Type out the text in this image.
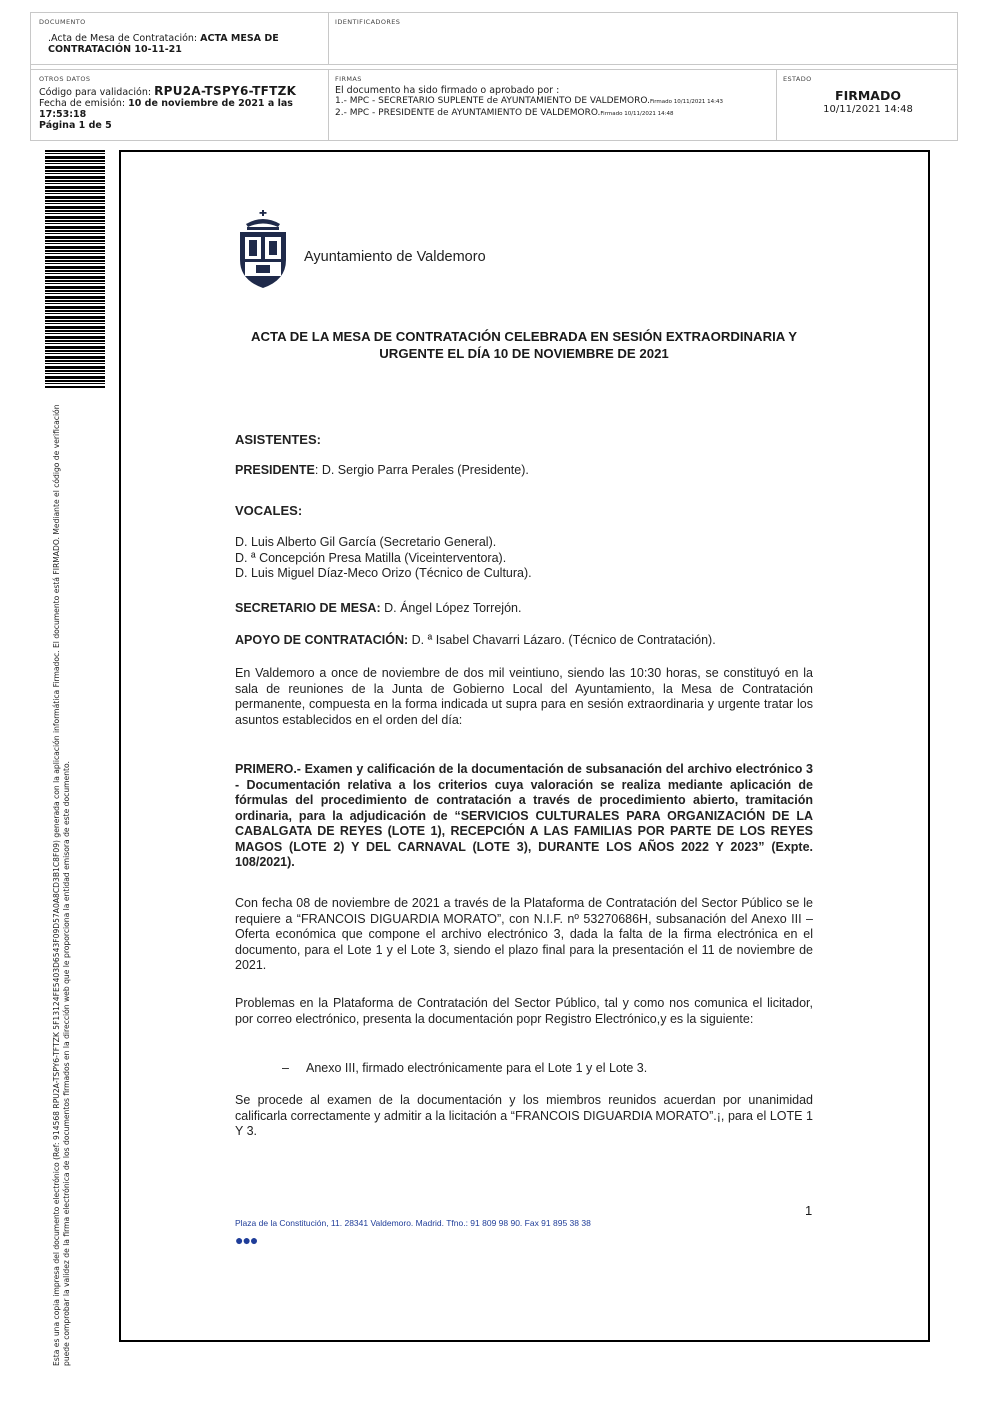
DOCUMENTO
.Acta de Mesa de Contratación: ACTA MESA DE CONTRATACIÓN 10-11-21
IDENTIFICADORES
OTROS DATOS
Código para validación: RPU2A-TSPY6-TFTZK
Fecha de emisión: 10 de noviembre de 2021 a las 17:53:18
Página 1 de 5
FIRMAS
El documento ha sido firmado o aprobado por :
1.- MPC - SECRETARIO SUPLENTE de AYUNTAMIENTO DE VALDEMORO.Firmado 10/11/2021 14:43
2.- MPC - PRESIDENTE de AYUNTAMIENTO DE VALDEMORO.Firmado 10/11/2021 14:48
ESTADO
FIRMADO
10/11/2021 14:48
Esta es una copia impresa del documento electrónico (Ref: 914568 RPU2A-TSPY6-TFTZK 5F13124FE5403D6543F09D57A0A8CD3B1C8F09) generada con la aplicación informática Firmadoc. El documento está FIRMADO. Mediante el código de verificación puede comprobar la validez de la firma electrónica de los documentos firmados en la dirección web que le proporciona la entidad emisora de este documento.
Ayuntamiento de Valdemoro
ACTA DE LA MESA DE CONTRATACIÓN CELEBRADA EN SESIÓN EXTRAORDINARIA Y URGENTE EL DÍA 10 DE NOVIEMBRE DE 2021
ASISTENTES:
PRESIDENTE: D. Sergio Parra Perales (Presidente).
VOCALES:
D. Luis Alberto Gil García (Secretario General).
D. ª Concepción Presa Matilla (Viceinterventora).
D. Luis Miguel Díaz-Meco Orizo (Técnico de Cultura).
SECRETARIO DE MESA: D. Ángel López Torrejón.
APOYO DE CONTRATACIÓN: D. ª Isabel Chavarri Lázaro. (Técnico de Contratación).
En Valdemoro a once de noviembre de dos mil veintiuno, siendo las 10:30 horas, se constituyó en la sala de reuniones de la Junta de Gobierno Local del Ayuntamiento, la Mesa de Contratación permanente, compuesta en la forma indicada ut supra para en sesión extraordinaria y urgente tratar los asuntos establecidos en el orden del día:
PRIMERO.- Examen y calificación de la documentación de subsanación del archivo electrónico 3 - Documentación relativa a los criterios cuya valoración se realiza mediante aplicación de fórmulas del procedimiento de contratación a través de procedimiento abierto, tramitación ordinaria, para la adjudicación de “SERVICIOS CULTURALES PARA ORGANIZACIÓN DE LA CABALGATA DE REYES (LOTE 1), RECEPCIÓN A LAS FAMILIAS POR PARTE DE LOS REYES MAGOS (LOTE 2) Y DEL CARNAVAL (LOTE 3), DURANTE LOS AÑOS 2022 Y 2023” (Expte. 108/2021).
Con fecha 08 de noviembre de 2021 a través de la Plataforma de Contratación del Sector Público se le requiere a “FRANCOIS DIGUARDIA MORATO”, con N.I.F. nº 53270686H, subsanación del Anexo III – Oferta económica que compone el archivo electrónico 3, dada la falta de la firma electrónica en el documento, para el Lote 1 y el Lote 3, siendo el plazo final para la presentación el 11 de noviembre de 2021.
Problemas en la Plataforma de Contratación del Sector Público, tal y como nos comunica el licitador, por correo electrónico, presenta la documentación popr Registro Electrónico,y es la siguiente:
– Anexo III, firmado electrónicamente para el Lote 1 y el Lote 3.
Se procede al examen de la documentación y los miembros reunidos acuerdan por unanimidad calificarla correctamente y admitir a la licitación a “FRANCOIS DIGUARDIA MORATO”.¡, para el LOTE 1 Y 3.
1
Plaza de la Constitución, 11. 28341 Valdemoro. Madrid. Tfno.: 91 809 98 90. Fax 91 895 38 38
●●●
